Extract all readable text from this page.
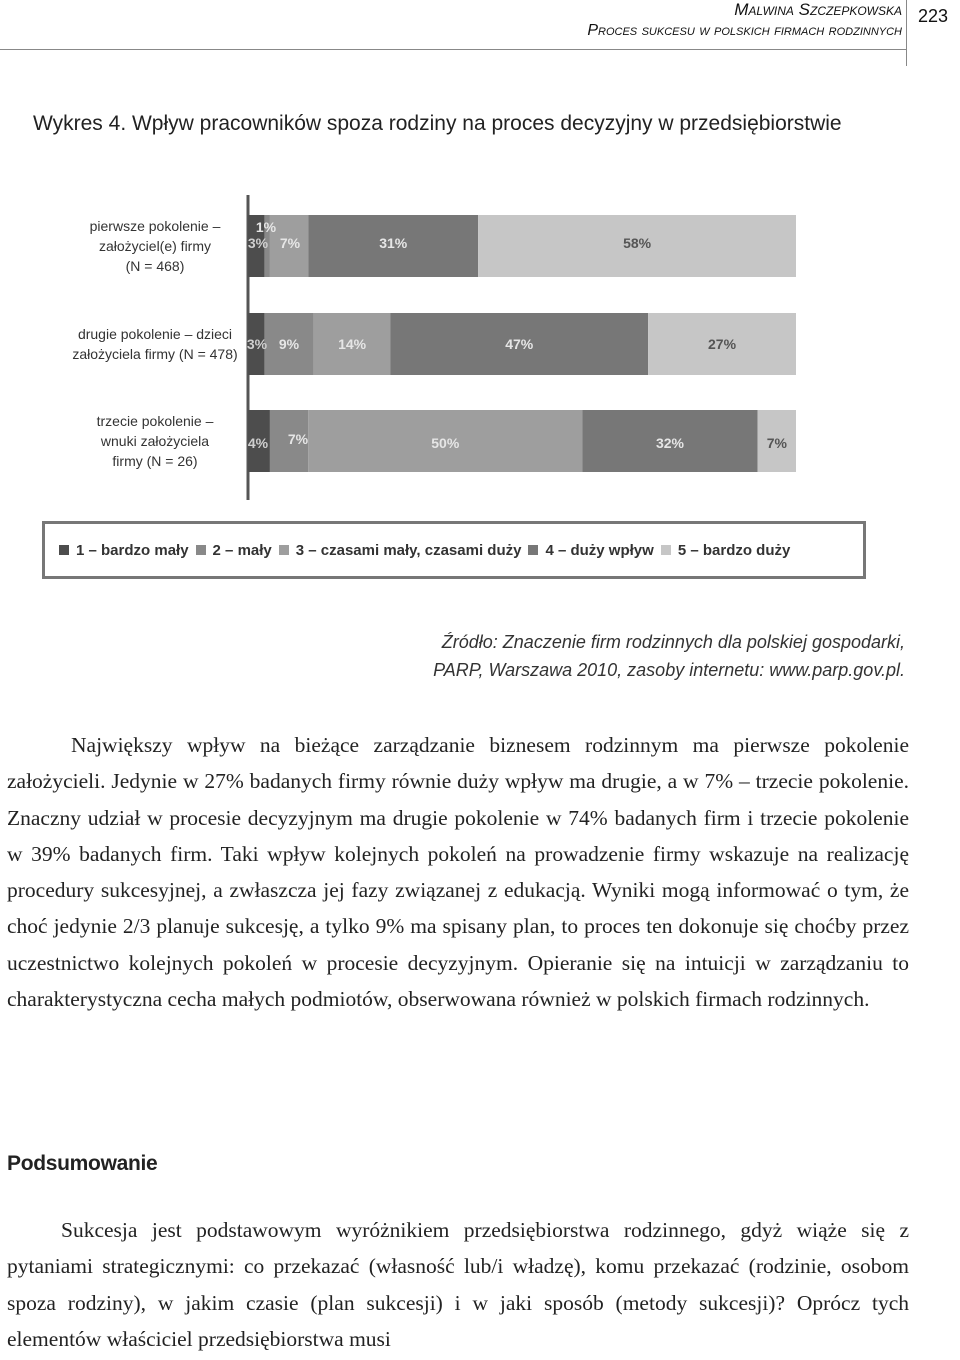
Malwina Szczepkowska
Proces sukcesu w polskich firmach rodzinnych
223
Wykres 4. Wpływ pracowników spoza rodziny na proces decyzyjny w przedsiębiorstwie
pierwsze pokolenie –
założyciel(e) firmy
(N = 468)
3%
1%
7%	31%	58%
drugie pokolenie – dzieci
założyciela firmy (N = 478)
3% 9%	14%	47%	27%
trzecie pokolenie –
wnuki założyciela
firmy (N = 26)
4% 7%	50%	32%	7%
1 – bardzo mały 2 – mały 3 – czasami mały, czasami duży 4 – duży wpływ 5 – bardzo duży
Źródło: Znaczenie firm rodzinnych dla polskiej gospodarki,
PARP, Warszawa 2010, zasoby internetu: www.parp.gov.pl.

Największy wpływ na bieżące zarządzanie biznesem rodzinnym ma pierwsze pokolenie założycieli. Jedynie w 27% badanych firmy równie duży wpływ ma drugie, a w 7% – trzecie pokolenie. Znaczny udział w procesie decyzyjnym ma drugie pokolenie w 74% badanych firm i trzecie pokolenie w 39% badanych firm. Taki wpływ kolejnych pokoleń na prowadzenie firmy wskazuje na realizację procedury sukcesyjnej, a zwłaszcza jej fazy związanej z edukacją. Wyniki mogą informować o tym, że choć jedynie 2/3 planuje sukcesję, a tylko 9% ma spisany plan, to proces ten dokonuje się choćby przez uczestnictwo kolejnych pokoleń w procesie decyzyjnym. Opieranie się na intuicji w zarządzaniu to charakterystyczna cecha małych podmiotów, obserwowana również w polskich firmach rodzinnych.

Podsumowanie

Sukcesja jest podstawowym wyróżnikiem przedsiębiorstwa rodzinnego, gdyż wiąże się z pytaniami strategicznymi: co przekazać (własność lub/i władzę), komu przekazać (rodzinie, osobom spoza rodziny), w jakim czasie (plan sukcesji) i w jaki sposób (metody sukcesji)? Oprócz tych elementów właściciel przedsiębiorstwa musi
